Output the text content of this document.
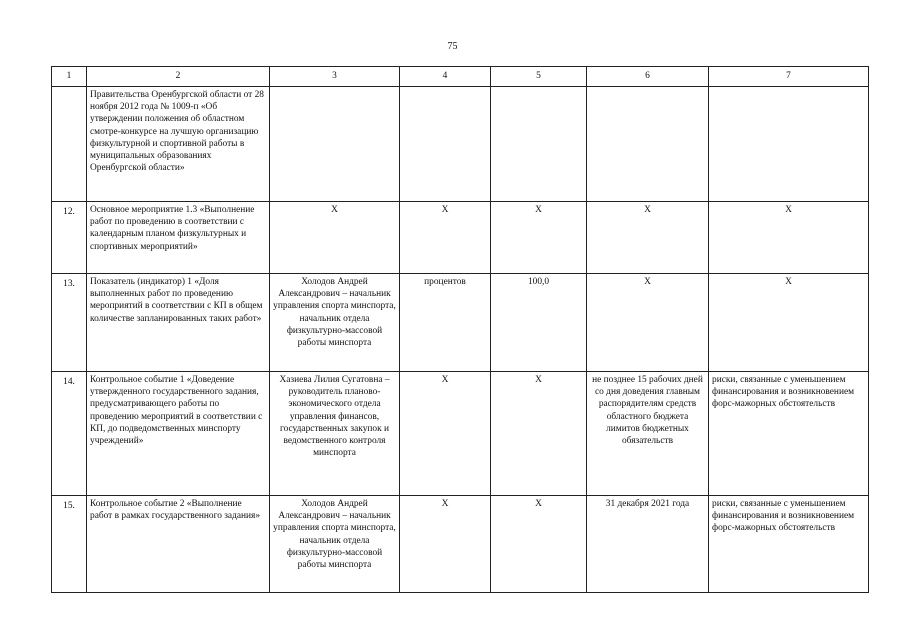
75
1	2	3	4	5	6	7
	Правительства Оренбургской области от 28 ноября 2012 года № 1009-п «Об утверждении положения об областном смотре-конкурсе на лучшую организацию физкультурной и спортивной работы в муниципальных образованиях Оренбургской области»					
12.	Основное мероприятие 1.3 «Выполнение работ по проведению в соответствии с календарным планом физкультурных и спортивных мероприятий»	Х	Х	Х	Х	Х
13.	Показатель (индикатор) 1 «Доля выполненных работ по проведению мероприятий в соответствии с КП в общем количестве запланированных таких работ»	Холодов Андрей Александрович – начальник управления спорта минспорта, начальник отдела физкультурно-массовой работы минспорта	процентов	100,0	Х	Х
14.	Контрольное событие 1 «Доведение утвержденного государственного задания, предусматривающего работы по проведению мероприятий в соответствии с КП, до подведомственных минспорту учреждений»	Хазиева Лилия Сугатовна – руководитель планово-экономического отдела управления финансов, государственных закупок и ведомственного контроля минспорта	Х	Х	не позднее 15 рабочих дней со дня доведения главным распорядителям средств областного бюджета лимитов бюджетных обязательств	риски, связанные с уменьшением финансирования и возникновением форс-мажорных обстоятельств
15.	Контрольное событие 2 «Выполнение работ в рамках государственного задания»	Холодов Андрей Александрович – начальник управления спорта минспорта, начальник отдела физкультурно-массовой работы минспорта	Х	Х	31 декабря 2021 года	риски, связанные с уменьшением финансирования и возникновением форс-мажорных обстоятельств
